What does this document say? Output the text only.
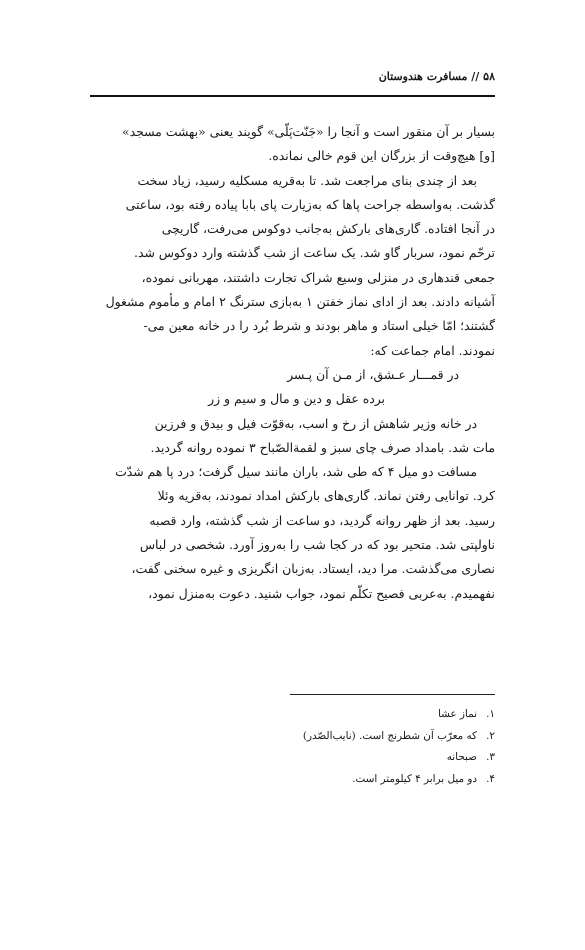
۵۸ // مسافرت هندوستان

بسیار بر آن منقور است و آنجا را «جَنّت‌پَلّی» گویند یعنی «بهشت مسجد»

[و] هیچ‌وقت از بزرگان این قوم خالی نمانده.

بعد از چندی بنای مراجعت شد. تا به‌قریه مسکلیه رسید، زیاد سخت

گذشت. به‌واسطه جراحت پاها که به‌زیارت پای بابا پیاده رفته بود، ساعتی

در آنجا افتاده. گاری‌های بارکش به‌جانب دوکوس می‌رفت، گاریچی

ترحّم نمود، سربار گاو شد. یک ساعت از شب گذشته وارد دوکوس شد.

جمعی قندهاری در منزلی وسیع شراک تجارت داشتند، مهربانی نموده،

آشیانه دادند. بعد از ادای نماز خفتن ۱ به‌بازی سترنگ ۲ امام و مأموم مشغول

گشتند؛ امّا خیلی استاد و ماهر بودند و شرط بُرد را در خانه معین می‌-

نمودند. امام جماعت که:

در قمـــار عـشق، از مـن آن پـسر

برده عقل و دین و مال و سیم و زر

در خانه وزیر شاهش از رخ و اسب، به‌قوّت فیل و بیدق و فرزین

مات شد. بامداد صرف چای سبز و لقمةالصّباح ۳ نموده روانه گردید.

مسافت دو میل ۴ که طی شد، باران مانند سیل گرفت؛ درد پا هم شدّت

کرد. توانایی رفتن نماند. گاری‌های بارکش امداد نمودند، به‌قریه وئلا

رسید. بعد از ظهر روانه گردید، دو ساعت از شب گذشته، وارد قصبه

ناولپتی شد. متحیر بود که در کجا شب را به‌روز آورد. شخصی در لباس

نصاری می‌گذشت. مرا دید، ایستاد. به‌زبان انگریزی و غیره سخنی گفت،

نفهمیدم. به‌عربی فصیح تکلّم نمود، جواب شنید. دعوت به‌منزل نمود،

۱.نماز عشا
۲.که معرّب آن شطرنج است. (نایب‌الصّدر)
۳.صبحانه
۴.دو میل برابر ۴ کیلومتر است.
